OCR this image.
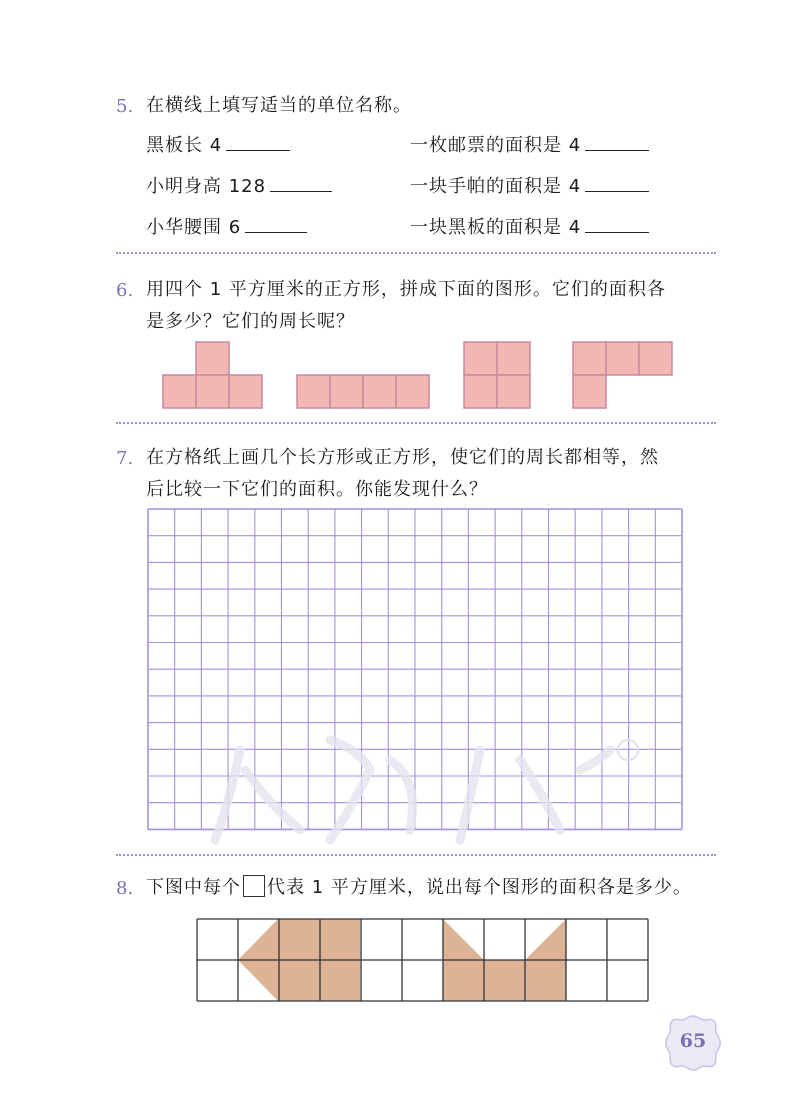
5. 在横线上填写适当的单位名称。
黑板长 4	一枚邮票的面积是 4
小明身高 128	一块手帕的面积是 4
小华腰围 6	一块黑板的面积是 4
6. 用四个 1 平方厘米的正方形，拼成下面的图形。它们的面积各
是多少？它们的周长呢？
7. 在方格纸上画几个长方形或正方形，使它们的周长都相等，然
后比较一下它们的面积。你能发现什么？
8. 下图中每个 代表 1 平方厘米，说出每个图形的面积各是多少。
65
